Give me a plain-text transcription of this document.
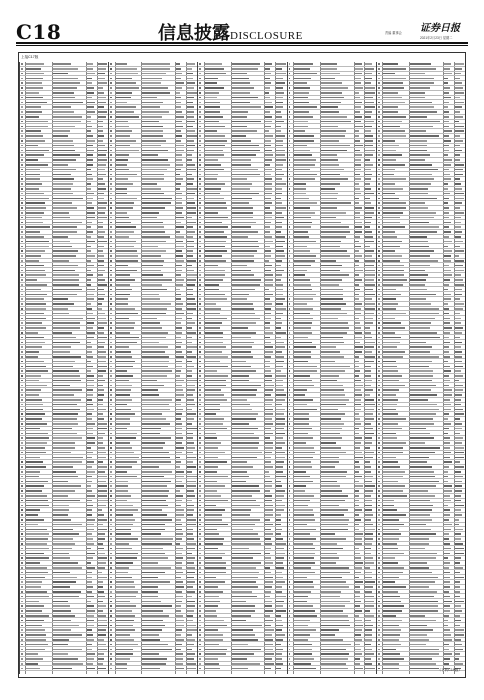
C18	信息披露DISCLOSURE
证券日报
责编 董事会
2021年2月23日 星期二
上接C17版
（下转C19版）
